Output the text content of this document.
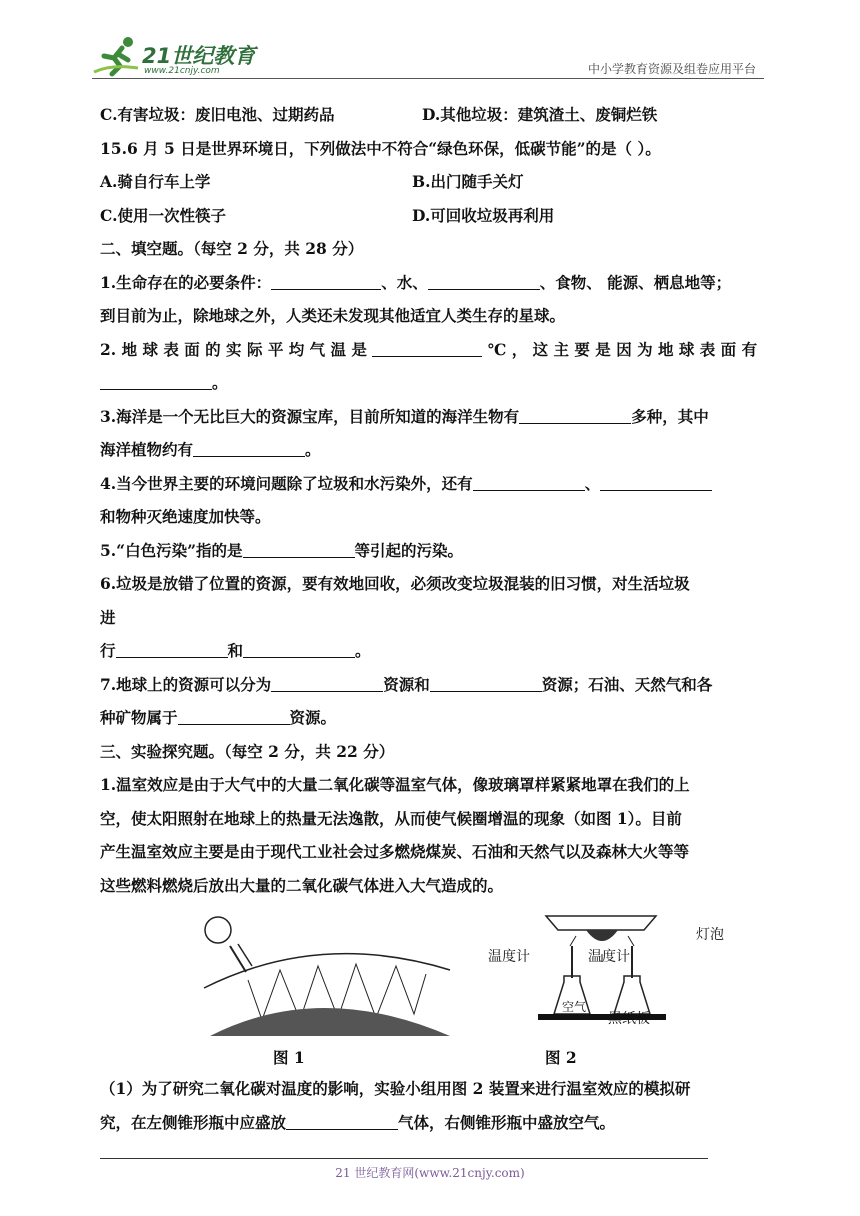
21世纪教育
www.21cnjy.com	中小学教育资源及组卷应用平台
C.有害垃圾：废旧电池、过期药品	D.其他垃圾：建筑渣土、废铜烂铁
15.6 月 5 日是世界环境日，下列做法中不符合“绿色环保，低碳节能”的是（ ）。
A.骑自行车上学	B.出门随手关灯
C.使用一次性筷子	D.可回收垃圾再利用
二、填空题。（每空 2 分，共 28 分）
1.生命存在的必要条件：	、水、	、食物、 能源、栖息地等；
到目前为止，除地球之外，人类还未发现其他适宜人类生存的星球。
2. 地 球 表 面 的 实 际 平 均 气 温 是	℃ ， 这 主 要 是 因 为 地 球 表 面 有
。
3.海洋是一个无比巨大的资源宝库，目前所知道的海洋生物有	多种，其中
海洋植物约有	。
4.当今世界主要的环境问题除了垃圾和水污染外，还有	、
和物种灭绝速度加快等。
5.“白色污染”指的是	等引起的污染。
6.垃圾是放错了位置的资源，要有效地回收，必须改变垃圾混装的旧习惯，对生活垃圾
进
行	和	。
7.地球上的资源可以分为	资源和	资源；石油、天然气和各
种矿物属于	资源。
三、实验探究题。（每空 2 分，共 22 分）
1.温室效应是由于大气中的大量二氧化碳等温室气体，像玻璃罩样紧紧地罩在我们的上
空，使太阳照射在地球上的热量无法逸散，从而使气候圈增温的现象（如图 1）。目前
产生温室效应主要是由于现代工业社会过多燃烧煤炭、石油和天然气以及森林大火等等
这些燃料燃烧后放出大量的二氧化碳气体进入大气造成的。
图 1
灯泡
温度计	温度计
空气
黑纸板
图 2
（1）为了研究二氧化碳对温度的影响，实验小组用图 2 装置来进行温室效应的模拟研
究，在左侧锥形瓶中应盛放	气体，右侧锥形瓶中盛放空气。
21 世纪教育网(www.21cnjy.com)
